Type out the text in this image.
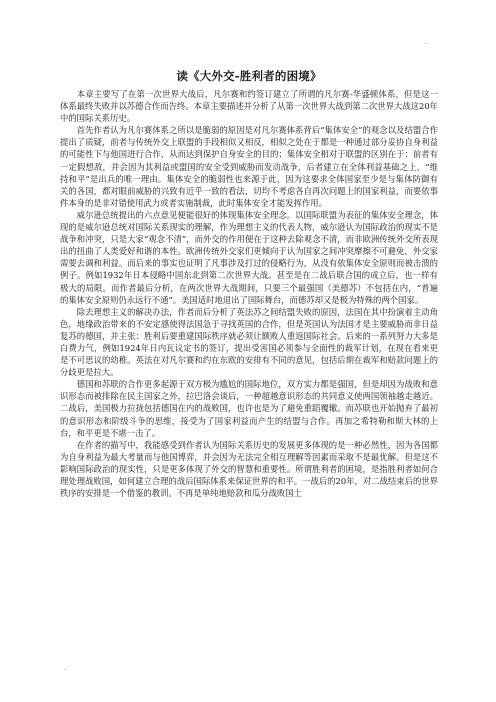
..
读《大外交-胜利者的困境》

本章主要写了在第一次世界大战后，凡尔赛和约签订建立了所谓的凡尔赛-华盛顿体系，但是这一体系最终失败并以苏德合作而告终。本章主要描述并分析了从第一次世界大战到第二次世界大战这20年中的国际关系历史。

首先作者认为凡尔赛体系之所以是脆弱的原因是对凡尔赛体系背后“集体安全”的观念以及结盟合作提出了质疑，前者与传统外交上联盟的手段相似又相反，相似之处在于都是一种通过部分妥协自身利益的可能性下与他国进行合作，从而达到保护自身安全的目的；集体安全相对于联盟的区别在于：前者有一定假想敌，并会因为其利益或盟国的安全受到威胁而发动战争，后者建立在全体利益基础之上，“维持和平”是出兵的唯一理由。集体安全的脆弱性也来源于此，因为这要求全体国家至少是与集体防御有关的各国，都对眼前威胁的兴致有近乎一致的看法，切均不考虑各自再次问题上的国家利益，而要依事件本身的是非对错使用武力或者实施制裁，此时集体安全才能发挥作用。

威尔逊总统提出的六点意见便能很好的体现集体安全理念。以国际联盟为表征的集体安全理念，体现的是威尔逊总统对国际关系现实的理解，作为理想主义的代表人物，威尔逊认为国际政治的现实不是战争和冲突，只是大家“观念不清”，而外交的作用便在于这种去除观念不清，而非欧洲传统外交所表现出的扭曲了人类爱好和谐的本性。欧洲传统外交家们更倾向于认为国家之间冲突摩擦不可避免，外交家需要去调和利益。而后来的事实也证明了凡事涉及打过的侵略行为，从没有依集体安全原则而被击溃的例子。例如1932年日本侵略中国东北到第二次世界大战。甚至是在二战后联合国的成立后，也一样有极大的局限。而作者最后分析，在两次世界大战期间，只要三个最强国（美德苏）不包括在内，“普遍的集体安全原则仍永远行不通”。美国适时地退出了国际舞台，而德苏却又是极为特殊的两个国家。

除去理想主义的解决办法，作者而后分析了英法苏之间结盟失败的原因，法国在其中扮演着主动角色，地缘政治带来的不安定感使得法国急于寻找英国的合作，但是英国认为法国才是主要威胁而非日益复苏的德国，并主张：胜利后要重建国际秩序就必须让额败人重返国际社会。后来的一系列努力大多是白费力气，例如1924年日内瓦议定书的签订，提出受害国必须参与全面性的裁军计划，在现在看来更是不可思议的幼稚。英法在对凡尔赛和约在东欧的安排有不同的意见，包括后期在裁军和赔款问题上的分歧更是拉大。

德国和苏联的合作更多起源于双方极为尴尬的国际地位，双方实力都是强国，但是却因为战败和意识形态而被排除在民主国家之外，拉巴洛会谈后，一种超越意识形态的共同意义使两国领袖越走越近。二战后，美国极力拉拢包括德国在内的战败国，也许也是为了避免重蹈覆辙。而苏联也开始抛弃了最初的意识形态和阶级斗争的思维，接受为了国家利益而产生的结盟与合作。再加之希特勒和斯大林的上台，和平更是不堪一击了。

在作者的描写中，我能感受到作者认为国际关系历史的发展更多体现的是一种必然性，因为各国都为自身利益为最大考量而与他国博弈，并会因为无法完全相互理解等因素而采取不是最优解。但是这不影响国际政治的现实性，只是更多体现了外交的智慧和重要性。所谓胜利者的困境，是指胜利者如何合理处理战败国，如何建立合理的战后国际体系来保证世界的和平。一战后的20年，对二战结束后的世界秩序的安排是一个借鉴的教训。不再是单纯地赔款和瓜分战败国土

.
